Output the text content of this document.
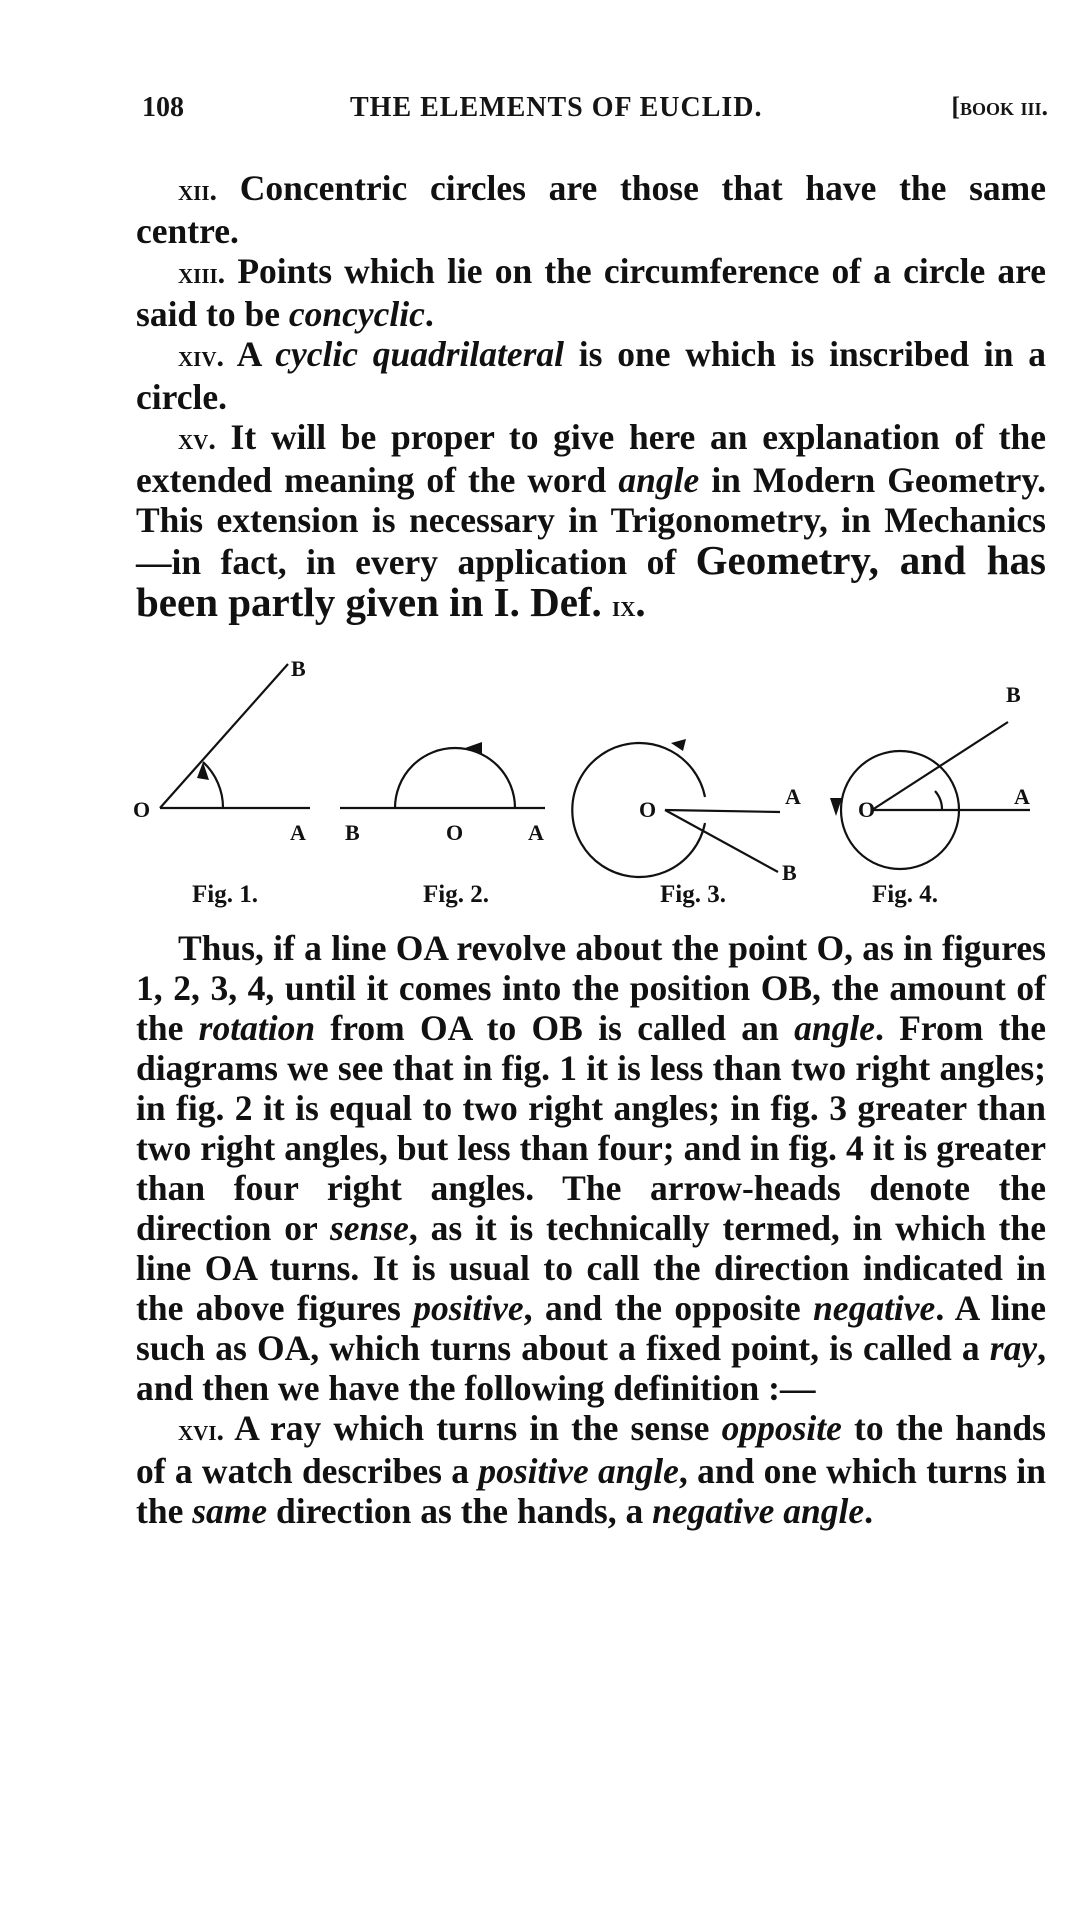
108	THE ELEMENTS OF EUCLID.	[book iii.

xii. Concentric circles are those that have the same centre.

xiii. Points which lie on the circumference of a circle are said to be concyclic.

xiv. A cyclic quadrilateral is one which is inscribed in a circle.

xv. It will be proper to give here an explanation of the extended meaning of the word angle in Modern Geometry. This extension is necessary in Trigonometry, in Mechanics—in fact, in every application of Geometry, and has been partly given in I. Def. ix.

O
A
B
B	O	A
O
A
B
O
A
B
Fig. 1.	Fig. 2.	Fig. 3.	Fig. 4.

Thus, if a line OA revolve about the point O, as in figures 1, 2, 3, 4, until it comes into the position OB, the amount of the rotation from OA to OB is called an angle. From the diagrams we see that in fig. 1 it is less than two right angles; in fig. 2 it is equal to two right angles; in fig. 3 greater than two right angles, but less than four; and in fig. 4 it is greater than four right angles. The arrow-heads denote the direction or sense, as it is technically termed, in which the line OA turns. It is usual to call the direction indicated in the above figures positive, and the opposite negative. A line such as OA, which turns about a fixed point, is called a ray, and then we have the following definition :—

xvi. A ray which turns in the sense opposite to the hands of a watch describes a positive angle, and one which turns in the same direction as the hands, a negative angle.
